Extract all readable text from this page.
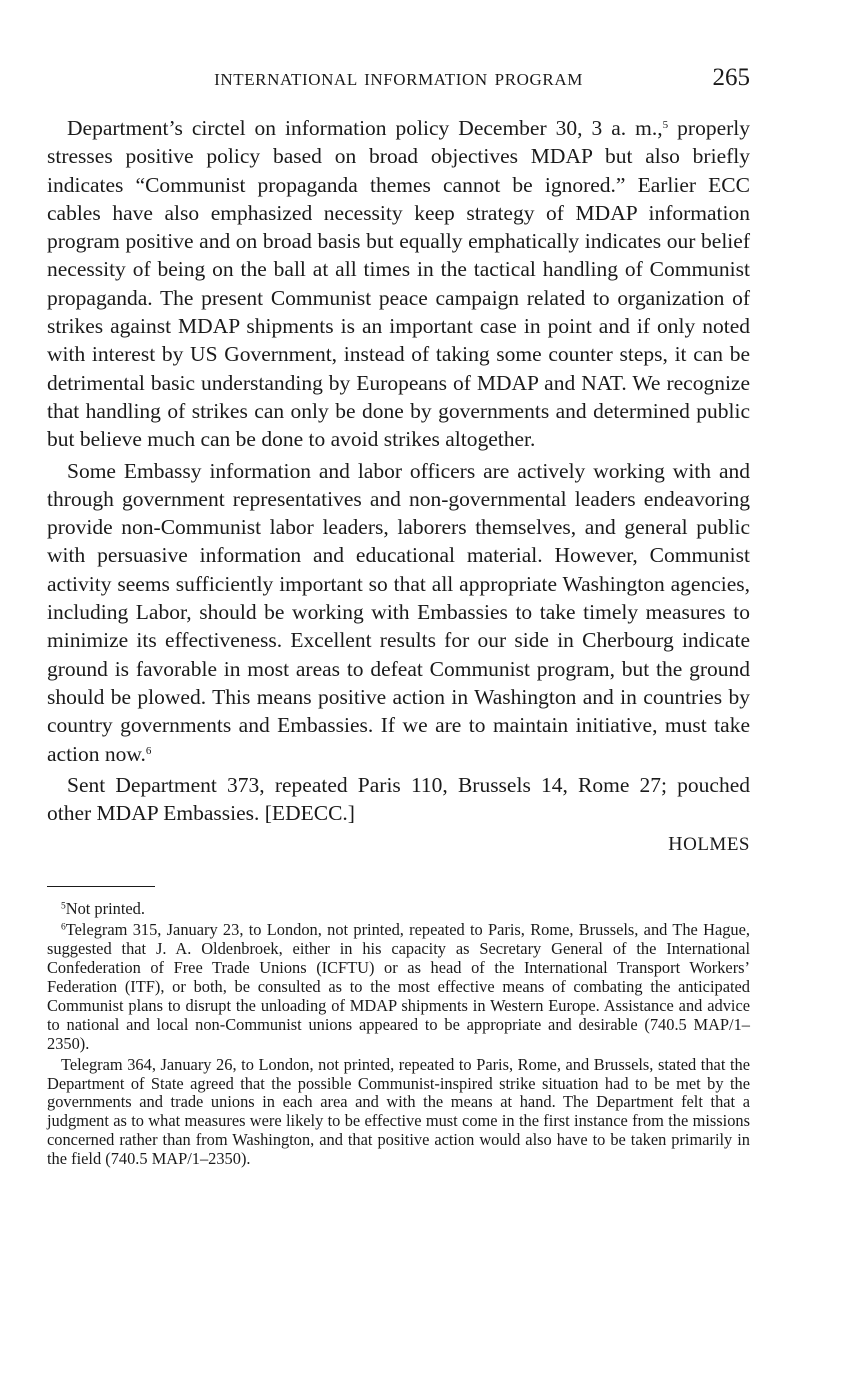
INTERNATIONAL INFORMATION PROGRAM	265

Department’s circtel on information policy December 30, 3 a. m.,$^5$ properly stresses positive policy based on broad objectives MDAP but also briefly indicates “Communist propaganda themes cannot be ignored.” Earlier ECC cables have also emphasized necessity keep strategy of MDAP information program positive and on broad basis but equally emphatically indicates our belief necessity of being on the ball at all times in the tactical handling of Communist propaganda. The present Communist peace campaign related to organization of strikes against MDAP shipments is an important case in point and if only noted with interest by US Government, instead of taking some counter steps, it can be detrimental basic understanding by Europeans of MDAP and NAT. We recognize that handling of strikes can only be done by governments and determined public but believe much can be done to avoid strikes altogether.

Some Embassy information and labor officers are actively working with and through government representatives and non-governmental leaders endeavoring provide non-Communist labor leaders, laborers themselves, and general public with persuasive information and educational material. However, Communist activity seems sufficiently important so that all appropriate Washington agencies, including Labor, should be working with Embassies to take timely measures to minimize its effectiveness. Excellent results for our side in Cherbourg indicate ground is favorable in most areas to defeat Communist program, but the ground should be plowed. This means positive action in Washington and in countries by country governments and Embassies. If we are to maintain initiative, must take action now.$^6$

Sent Department 373, repeated Paris 110, Brussels 14, Rome 27; pouched other MDAP Embassies. [EDECC.]

HOLMES

$^5$Not printed.

$^6$Telegram 315, January 23, to London, not printed, repeated to Paris, Rome, Brussels, and The Hague, suggested that J. A. Oldenbroek, either in his capacity as Secretary General of the International Confederation of Free Trade Unions (ICFTU) or as head of the International Transport Workers’ Federation (ITF), or both, be consulted as to the most effective means of combating the anticipated Communist plans to disrupt the unloading of MDAP shipments in Western Europe. Assistance and advice to national and local non-Communist unions appeared to be appropriate and desirable (740.5 MAP/1–2350).

Telegram 364, January 26, to London, not printed, repeated to Paris, Rome, and Brussels, stated that the Department of State agreed that the possible Communist-inspired strike situation had to be met by the governments and trade unions in each area and with the means at hand. The Department felt that a judgment as to what measures were likely to be effective must come in the first instance from the missions concerned rather than from Washington, and that positive action would also have to be taken primarily in the field (740.5 MAP/1–2350).
